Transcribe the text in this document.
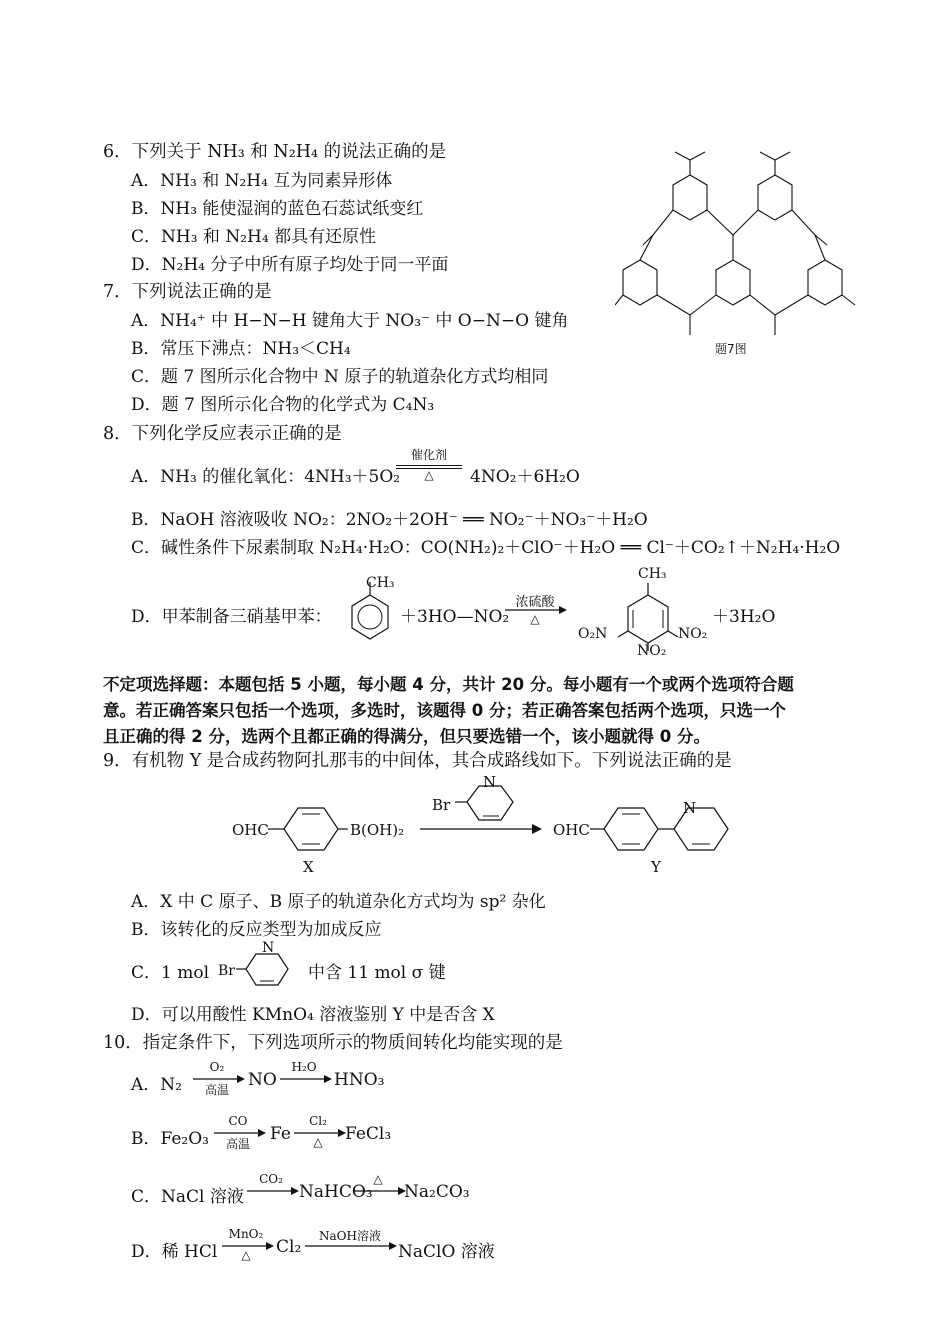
6．下列关于 NH₃ 和 N₂H₄ 的说法正确的是
A．NH₃ 和 N₂H₄ 互为同素异形体
B．NH₃ 能使湿润的蓝色石蕊试纸变红
C．NH₃ 和 N₂H₄ 都具有还原性
D．N₂H₄ 分子中所有原子均处于同一平面
7．下列说法正确的是
A．NH₄⁺ 中 H−N−H 键角大于 NO₃⁻ 中 O−N−O 键角
B．常压下沸点：NH₃＜CH₄
C．题 7 图所示化合物中 N 原子的轨道杂化方式均相同
D．题 7 图所示化合物的化学式为 C₄N₃
题7图
8．下列化学反应表示正确的是
A．NH₃ 的催化氧化：4NH₃＋5O₂
催化剂
△	4NO₂＋6H₂O
B．NaOH 溶液吸收 NO₂：2NO₂＋2OH⁻ ══ NO₂⁻＋NO₃⁻＋H₂O
C．碱性条件下尿素制取 N₂H₄·H₂O：CO(NH₂)₂＋ClO⁻＋H₂O ══ Cl⁻＋CO₂↑＋N₂H₄·H₂O
D．甲苯制备三硝基甲苯：
CH₃
＋3HO—NO₂
浓硫酸
△
CH₃
O₂N	NO₂
NO₂
＋3H₂O
不定项选择题：本题包括 5 小题，每小题 4 分，共计 20 分。每小题有一个或两个选项符合题
意。若正确答案只包括一个选项，多选时，该题得 0 分；若正确答案包括两个选项，只选一个
且正确的得 2 分，选两个且都正确的得满分，但只要选错一个，该小题就得 0 分。
9．有机物 Y 是合成药物阿扎那韦的中间体，其合成路线如下。下列说法正确的是
OHC	B(OH)₂
X
Br
N
OHC
N
Y
A．X 中 C 原子、B 原子的轨道杂化方式均为 sp² 杂化
B．该转化的反应类型为加成反应
C．1 mol Br
N
中含 11 mol σ 键
D．可以用酸性 KMnO₄ 溶液鉴别 Y 中是否含 X
10．指定条件下，下列选项所示的物质间转化均能实现的是
A．N₂
O₂
高温	NO
H₂O
HNO₃
B．Fe₂O₃
CO
高温	Fe
Cl₂
△	FeCl₃
C．NaCl 溶液
CO₂
NaHCO₃
△
Na₂CO₃
D．稀 HCl
MnO₂
△	Cl₂
NaOH溶液
NaClO 溶液
